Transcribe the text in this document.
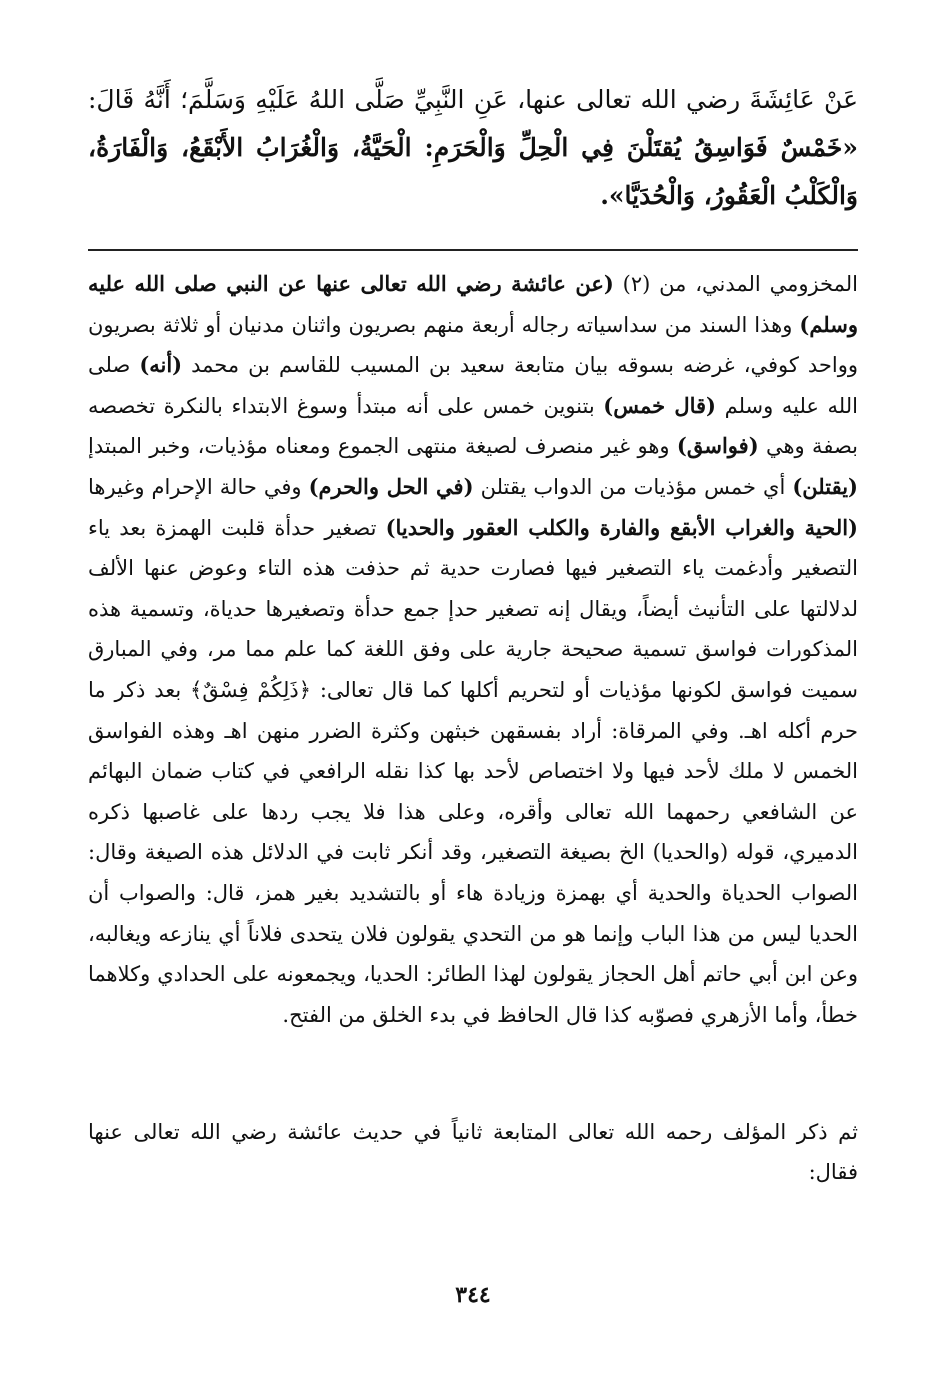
عَنْ عَائِشَةَ رضي الله تعالى عنها، عَنِ النَّبِيِّ صَلَّى اللهُ عَلَيْهِ وَسَلَّمَ؛ أَنَّهُ قَالَ: «خَمْسٌ فَوَاسِقُ يُقتَلْنَ فِي الْحِلِّ وَالْحَرَمِ: الْحَيَّةُ، وَالْغُرَابُ الأَبْقَعُ، وَالْفَارَةُ، وَالْكَلْبُ الْعَقُورُ، وَالْحُدَيَّا».

المخزومي المدني، من (٢) (عن عائشة رضي الله تعالى عنها عن النبي صلى الله عليه وسلم) وهذا السند من سداسياته رجاله أربعة منهم بصريون واثنان مدنيان أو ثلاثة بصريون وواحد كوفي، غرضه بسوقه بيان متابعة سعيد بن المسيب للقاسم بن محمد (أنه) صلى الله عليه وسلم (قال خمس) بتنوين خمس على أنه مبتدأ وسوغ الابتداء بالنكرة تخصصه بصفة وهي (فواسق) وهو غير منصرف لصيغة منتهى الجموع ومعناه مؤذيات، وخبر المبتدإ (يقتلن) أي خمس مؤذيات من الدواب يقتلن (في الحل والحرم) وفي حالة الإحرام وغيرها (الحية والغراب الأبقع والفارة والكلب العقور والحديا) تصغير حدأة قلبت الهمزة بعد ياء التصغير وأدغمت ياء التصغير فيها فصارت حدية ثم حذفت هذه التاء وعوض عنها الألف لدلالتها على التأنيث أيضاً، ويقال إنه تصغير حدإ جمع حدأة وتصغيرها حدياة، وتسمية هذه المذكورات فواسق تسمية صحيحة جارية على وفق اللغة كما علم مما مر، وفي المبارق سميت فواسق لكونها مؤذيات أو لتحريم أكلها كما قال تعالى: ﴿ذَلِكُمْ فِسْقٌ﴾ بعد ذكر ما حرم أكله اهـ. وفي المرقاة: أراد بفسقهن خبثهن وكثرة الضرر منهن اهـ وهذه الفواسق الخمس لا ملك لأحد فيها ولا اختصاص لأحد بها كذا نقله الرافعي في كتاب ضمان البهائم عن الشافعي رحمهما الله تعالى وأقره، وعلى هذا فلا يجب ردها على غاصبها ذكره الدميري، قوله (والحديا) الخ بصيغة التصغير، وقد أنكر ثابت في الدلائل هذه الصيغة وقال: الصواب الحدياة والحدية أي بهمزة وزيادة هاء أو بالتشديد بغير همز، قال: والصواب أن الحديا ليس من هذا الباب وإنما هو من التحدي يقولون فلان يتحدى فلاناً أي ينازعه ويغالبه، وعن ابن أبي حاتم أهل الحجاز يقولون لهذا الطائر: الحديا، ويجمعونه على الحدادي وكلاهما خطأ، وأما الأزهري فصوّبه كذا قال الحافظ في بدء الخلق من الفتح.

ثم ذكر المؤلف رحمه الله تعالى المتابعة ثانياً في حديث عائشة رضي الله تعالى عنها فقال:
٣٤٤
